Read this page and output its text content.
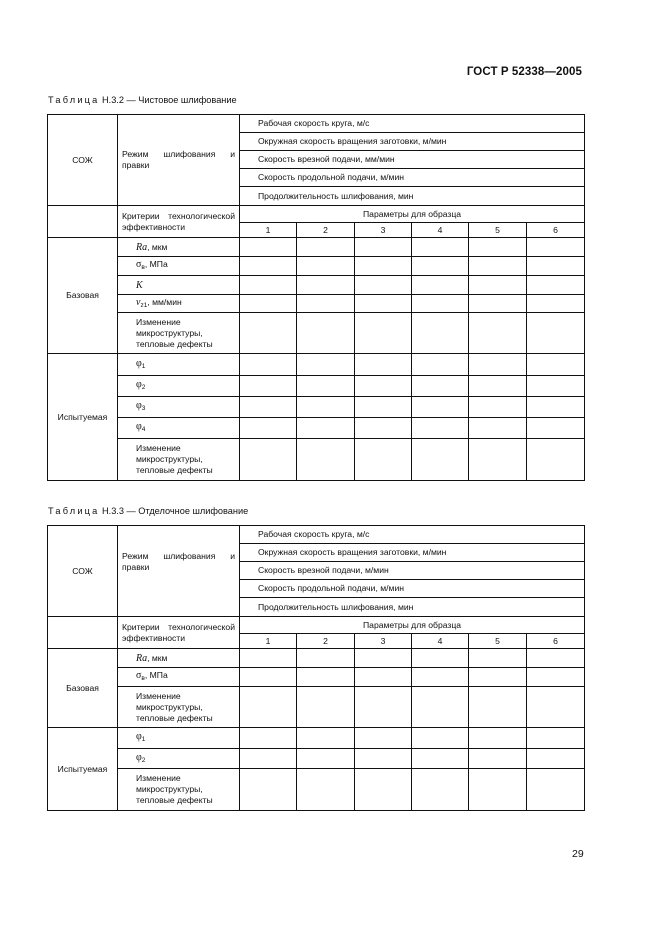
ГОСТ Р 52338—2005
Таблица Н.3.2 — Чистовое шлифование
СОЖ	Режим шлифования и правки	Рабочая скорость круга, м/с					
		Окружная скорость вращения заготовки, м/мин					
		Скорость врезной подачи, мм/мин					
		Скорость продольной подачи, м/мин					
		Продолжительность шлифования, мин					
	Критерии технологической эффективности	Параметры для образца					
		1	2	3	4	5	6
Базовая	Ra, мкм						
	$\sigma_в$, МПа						
	K						
	$v_{z1}$, мм/мин						
	Изменение микроструктуры, тепловые дефекты						
Испытуемая	$\varphi_1$						
	$\varphi_2$						
	$\varphi_3$						
	$\varphi_4$						
	Изменение микроструктуры, тепловые дефекты						
Таблица Н.3.3 — Отделочное шлифование
СОЖ	Режим шлифования и правки	Рабочая скорость круга, м/с					
		Окружная скорость вращения заготовки, м/мин					
		Скорость врезной подачи, м/мин					
		Скорость продольной подачи, м/мин					
		Продолжительность шлифования, мин					
	Критерии технологической эффективности	Параметры для образца					
		1	2	3	4	5	6
Базовая	Ra, мкм						
	$\sigma_в$, МПа						
	Изменение микроструктуры, тепловые дефекты						
Испытуемая	$\varphi_1$						
	$\varphi_2$						
	Изменение микроструктуры, тепловые дефекты						
29
